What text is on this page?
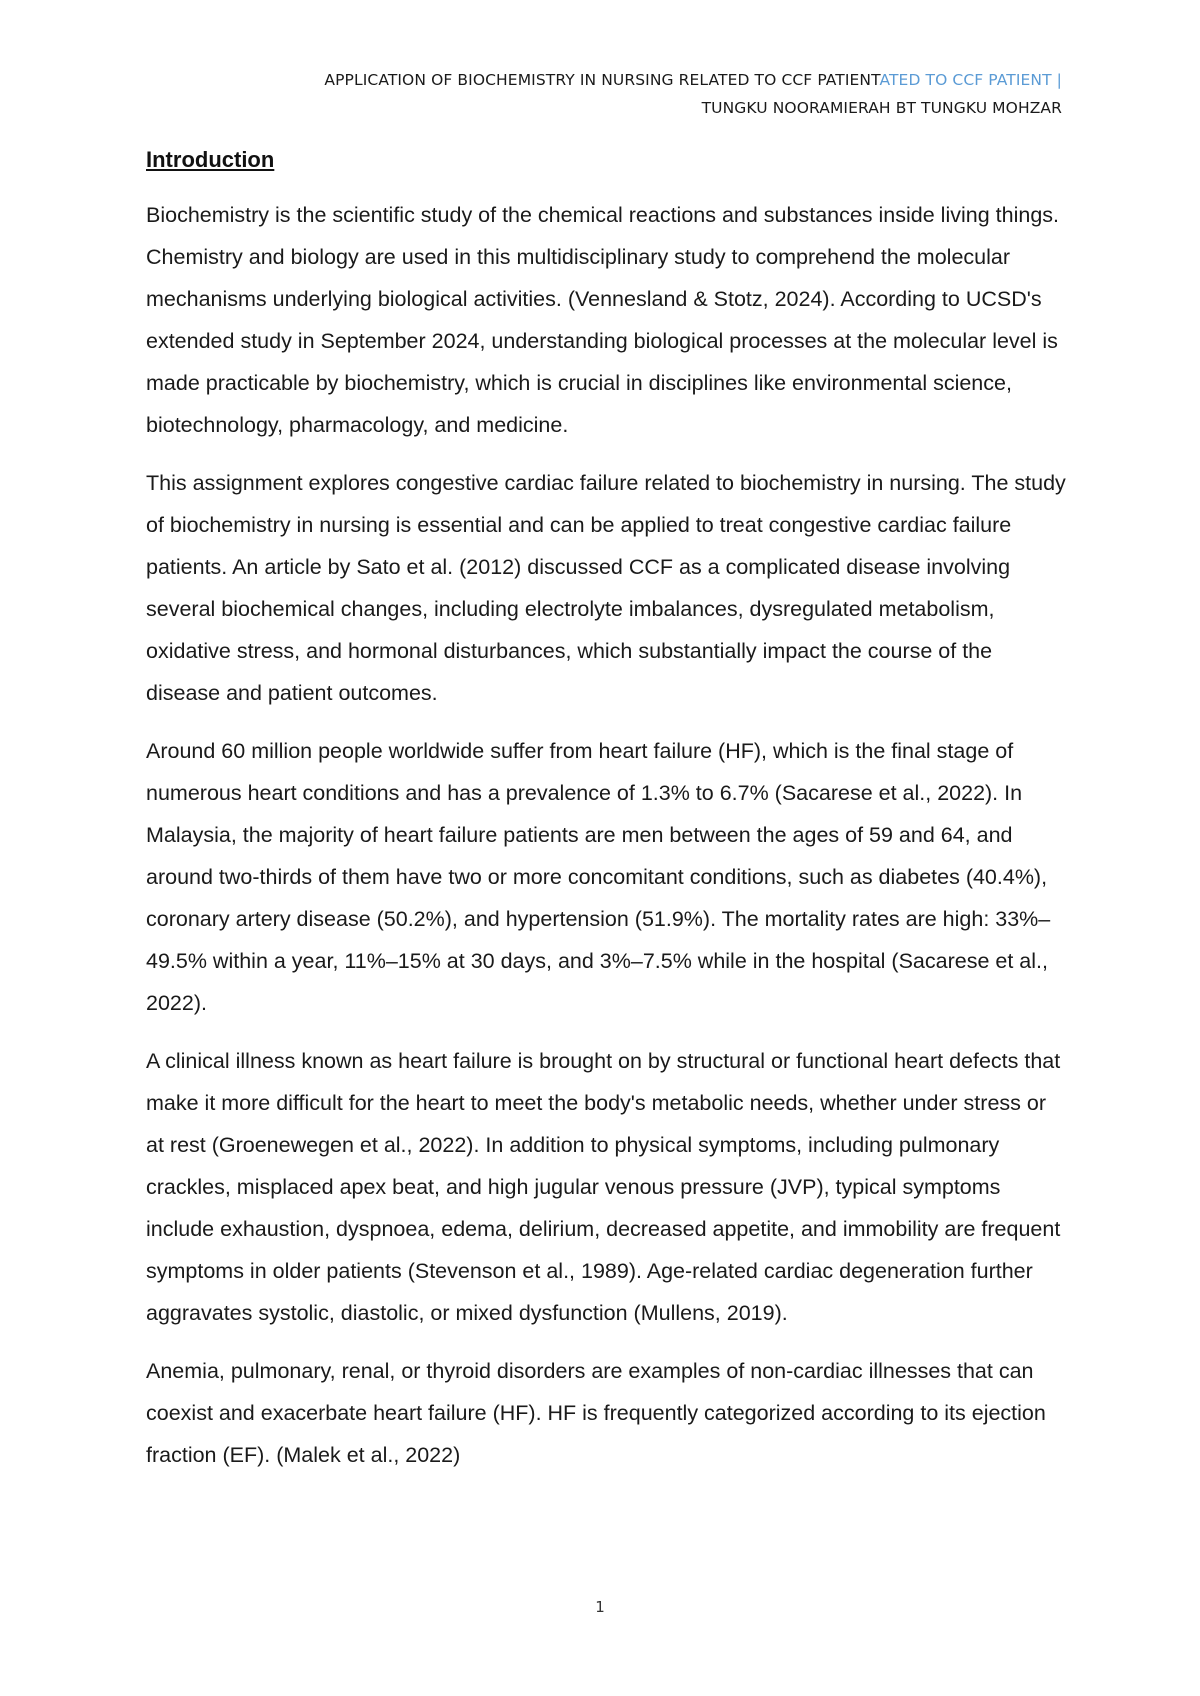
APPLICATION OF BIOCHEMISTRY IN NURSING RELATED TO CCF PATIENTATED TO CCF PATIENT |
TUNGKU NOORAMIERAH BT TUNGKU MOHZAR
Introduction

Biochemistry is the scientific study of the chemical reactions and substances inside living things. Chemistry and biology are used in this multidisciplinary study to comprehend the molecular mechanisms underlying biological activities. (Vennesland & Stotz, 2024). According to UCSD's extended study in September 2024, understanding biological processes at the molecular level is made practicable by biochemistry, which is crucial in disciplines like environmental science, biotechnology, pharmacology, and medicine.

This assignment explores congestive cardiac failure related to biochemistry in nursing. The study of biochemistry in nursing is essential and can be applied to treat congestive cardiac failure patients. An article by Sato et al. (2012) discussed CCF as a complicated disease involving several biochemical changes, including electrolyte imbalances, dysregulated metabolism, oxidative stress, and hormonal disturbances, which substantially impact the course of the disease and patient outcomes.

Around 60 million people worldwide suffer from heart failure (HF), which is the final stage of numerous heart conditions and has a prevalence of 1.3% to 6.7% (Sacarese et al., 2022). In Malaysia, the majority of heart failure patients are men between the ages of 59 and 64, and around two-thirds of them have two or more concomitant conditions, such as diabetes (40.4%), coronary artery disease (50.2%), and hypertension (51.9%). The mortality rates are high: 33%–49.5% within a year, 11%–15% at 30 days, and 3%–7.5% while in the hospital (Sacarese et al., 2022).

A clinical illness known as heart failure is brought on by structural or functional heart defects that make it more difficult for the heart to meet the body's metabolic needs, whether under stress or at rest (Groenewegen et al., 2022). In addition to physical symptoms, including pulmonary crackles, misplaced apex beat, and high jugular venous pressure (JVP), typical symptoms include exhaustion, dyspnoea, edema, delirium, decreased appetite, and immobility are frequent symptoms in older patients (Stevenson et al., 1989). Age-related cardiac degeneration further aggravates systolic, diastolic, or mixed dysfunction (Mullens, 2019).

Anemia, pulmonary, renal, or thyroid disorders are examples of non-cardiac illnesses that can coexist and exacerbate heart failure (HF). HF is frequently categorized according to its ejection fraction (EF). (Malek et al., 2022)

1
